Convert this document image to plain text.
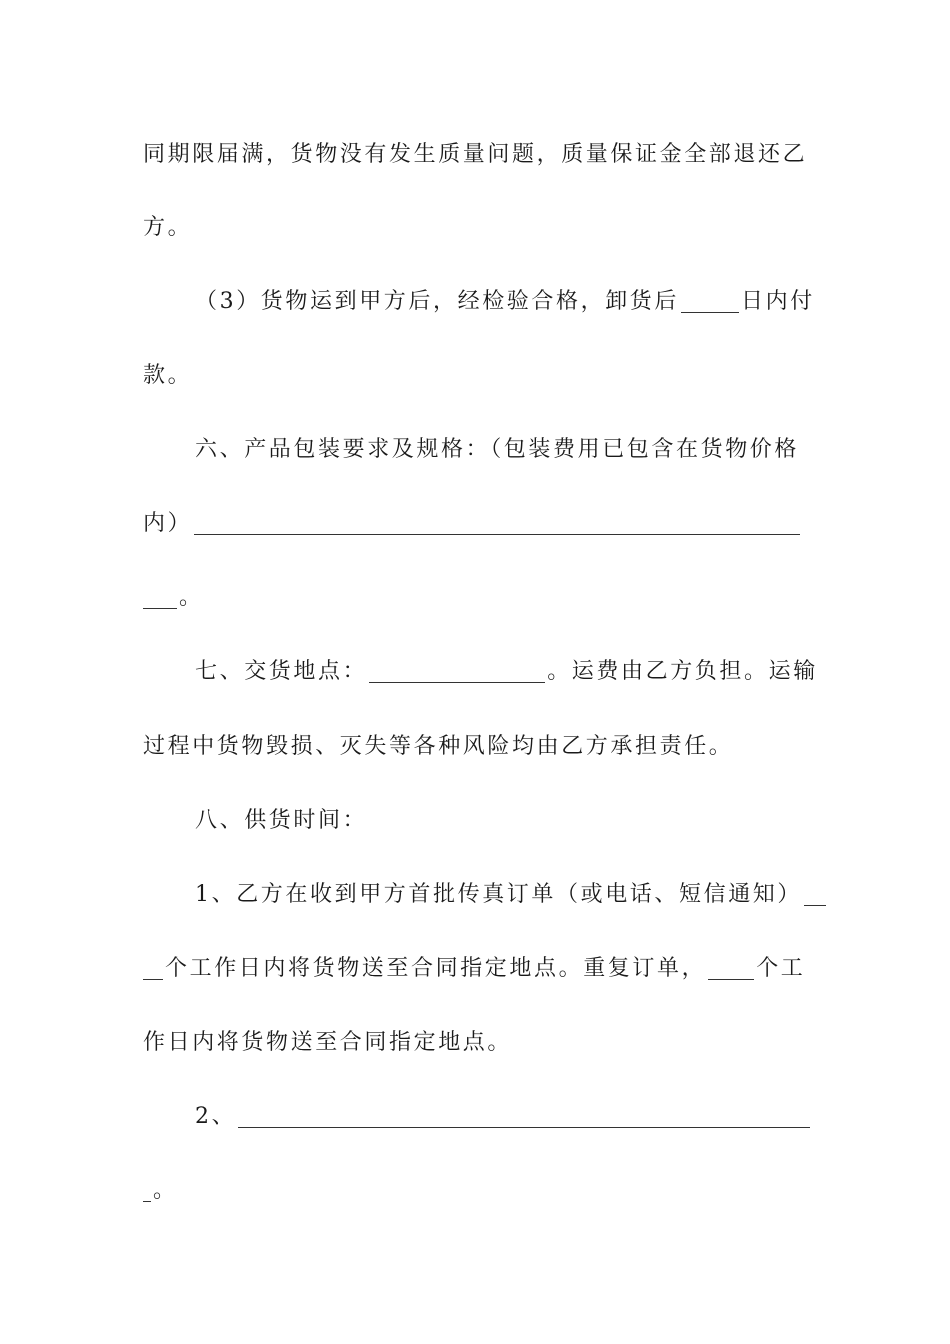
同期限届满，货物没有发生质量问题，质量保证金全部退还乙
方。
（3）货物运到甲方后，经检验合格，卸货后	日内付
款。
六、产品包装要求及规格：（包装费用已包含在货物价格
内）
。
七、交货地点：	。运费由乙方负担。运输
过程中货物毁损、灭失等各种风险均由乙方承担责任。
八、供货时间：
1、乙方在收到甲方首批传真订单（或电话、短信通知）
个工作日内将货物送至合同指定地点。重复订单， 个工
作日内将货物送至合同指定地点。
2、
。
